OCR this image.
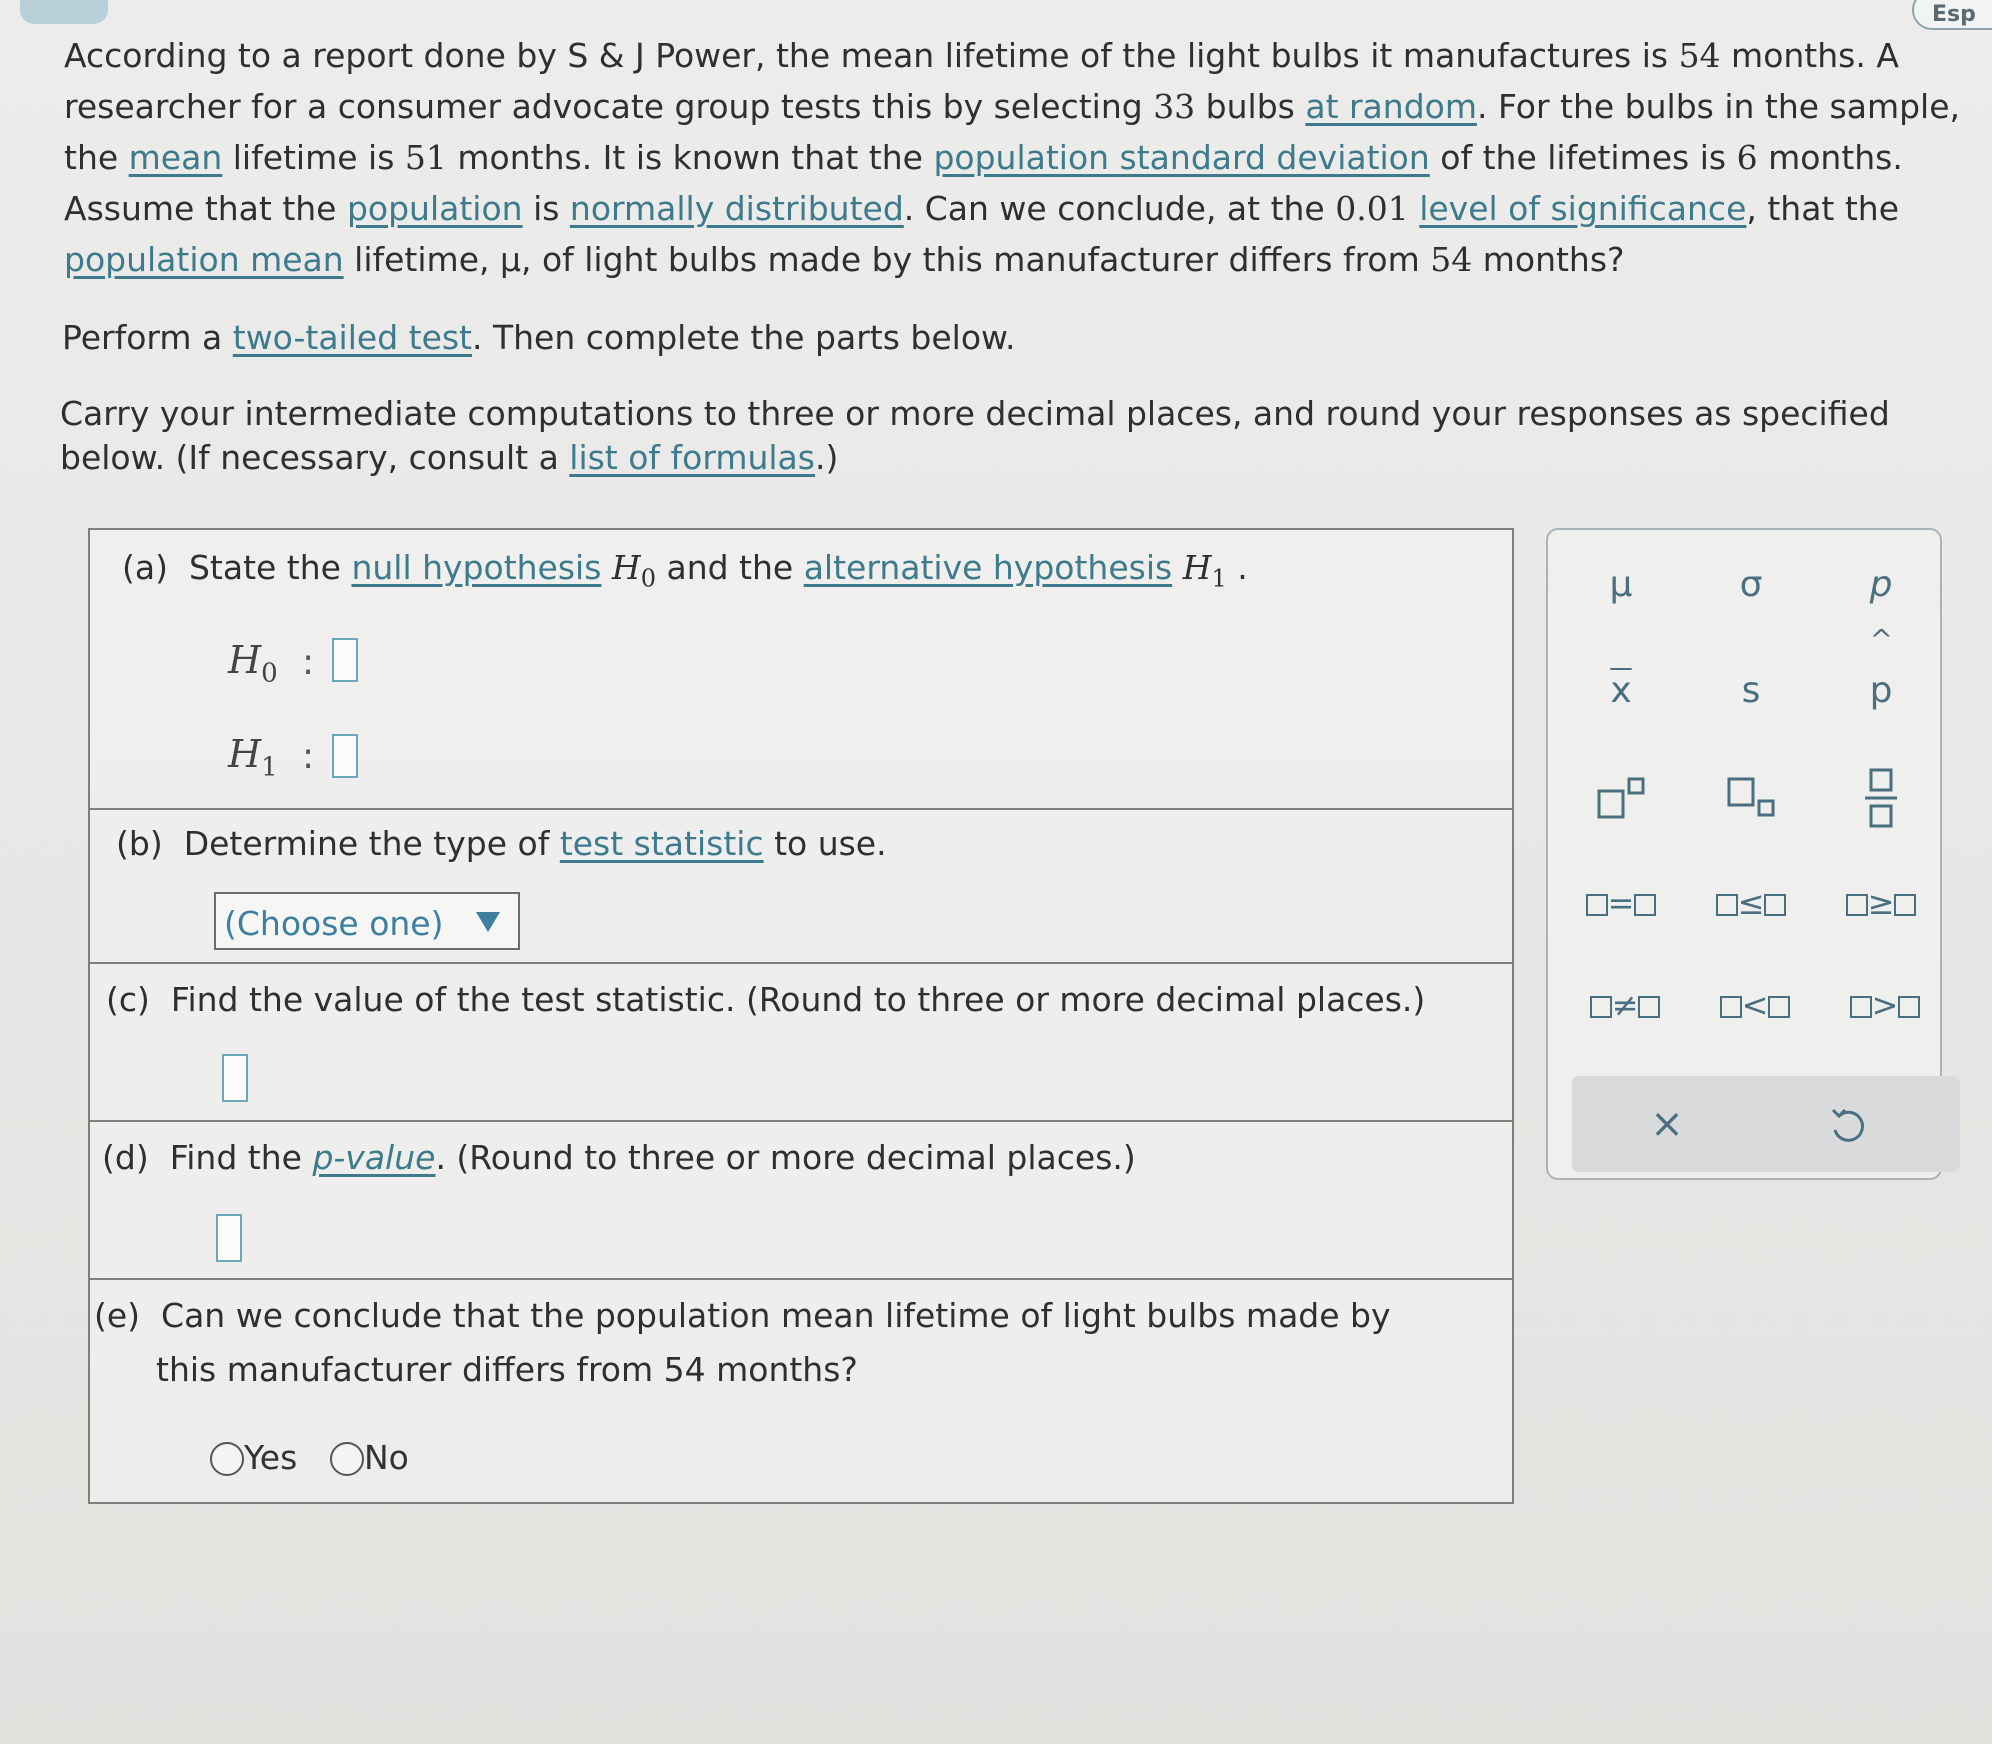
Esp

According to a report done by S & J Power, the mean lifetime of the light bulbs it manufactures is 54 months. A researcher for a consumer advocate group tests this by selecting 33 bulbs at random. For the bulbs in the sample, the mean lifetime is 51 months. It is known that the population standard deviation of the lifetimes is 6 months. Assume that the population is normally distributed. Can we conclude, at the 0.01 level of significance, that the population mean lifetime, μ, of light bulbs made by this manufacturer differs from 54 months?

Perform a two-tailed test. Then complete the parts below.
Carry your intermediate computations to three or more decimal places, and round your responses as specified below. (If necessary, consult a list of formulas.)
(a) State the null hypothesis $H_0$ and the alternative hypothesis $H_1$ .
$H_0$ :
$H_1$ :
(b) Determine the type of test statistic to use.
(Choose one)
(c) Find the value of the test statistic. (Round to three or more decimal places.)
(d) Find the p-value. (Round to three or more decimal places.)
(e) Can we conclude that the population mean lifetime of light bulbs made by
this manufacturer differs from 54 months?
Yes No
μ	σ	p
$\overline{x}$	s
^
p
=	≤	≥
≠	<	>
×
